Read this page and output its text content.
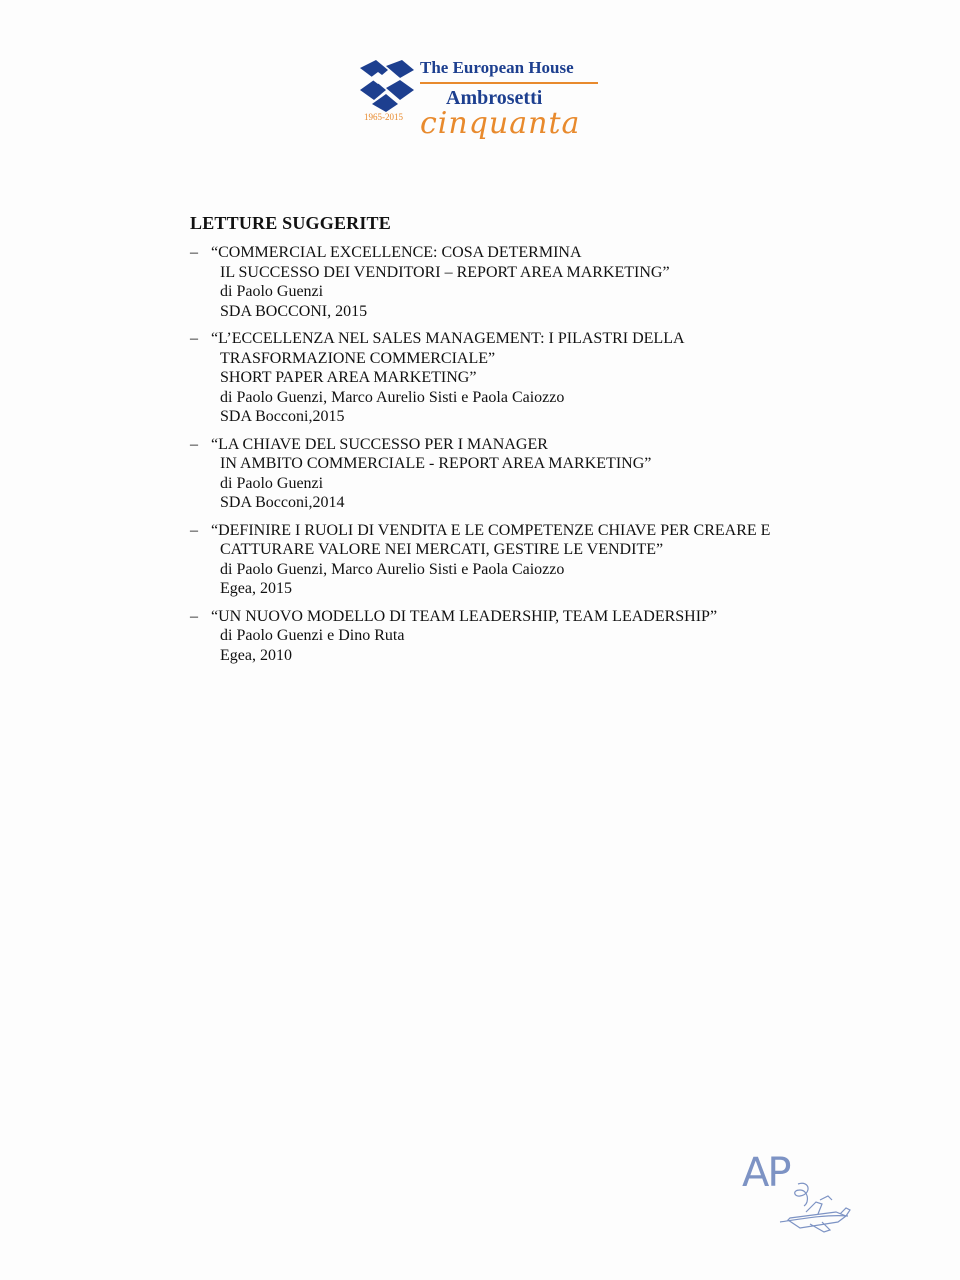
The European House
Ambrosetti
1965-2015 cinquanta
LETTURE SUGGERITE
– “COMMERCIAL EXCELLENCE: COSA DETERMINA
IL SUCCESSO DEI VENDITORI – REPORT AREA MARKETING”
di Paolo Guenzi
SDA BOCCONI, 2015
– “L’ECCELLENZA NEL SALES MANAGEMENT: I PILASTRI DELLA
TRASFORMAZIONE COMMERCIALE”
SHORT PAPER AREA MARKETING”
di Paolo Guenzi, Marco Aurelio Sisti e Paola Caiozzo
SDA Bocconi,2015
– “LA CHIAVE DEL SUCCESSO PER I MANAGER
IN AMBITO COMMERCIALE - REPORT AREA MARKETING”
di Paolo Guenzi
SDA Bocconi,2014
– “DEFINIRE I RUOLI DI VENDITA E LE COMPETENZE CHIAVE PER CREARE E
CATTURARE VALORE NEI MERCATI, GESTIRE LE VENDITE”
di Paolo Guenzi, Marco Aurelio Sisti e Paola Caiozzo
Egea, 2015
– “UN NUOVO MODELLO DI TEAM LEADERSHIP, TEAM LEADERSHIP”
di Paolo Guenzi e Dino Ruta
Egea, 2010
AP
